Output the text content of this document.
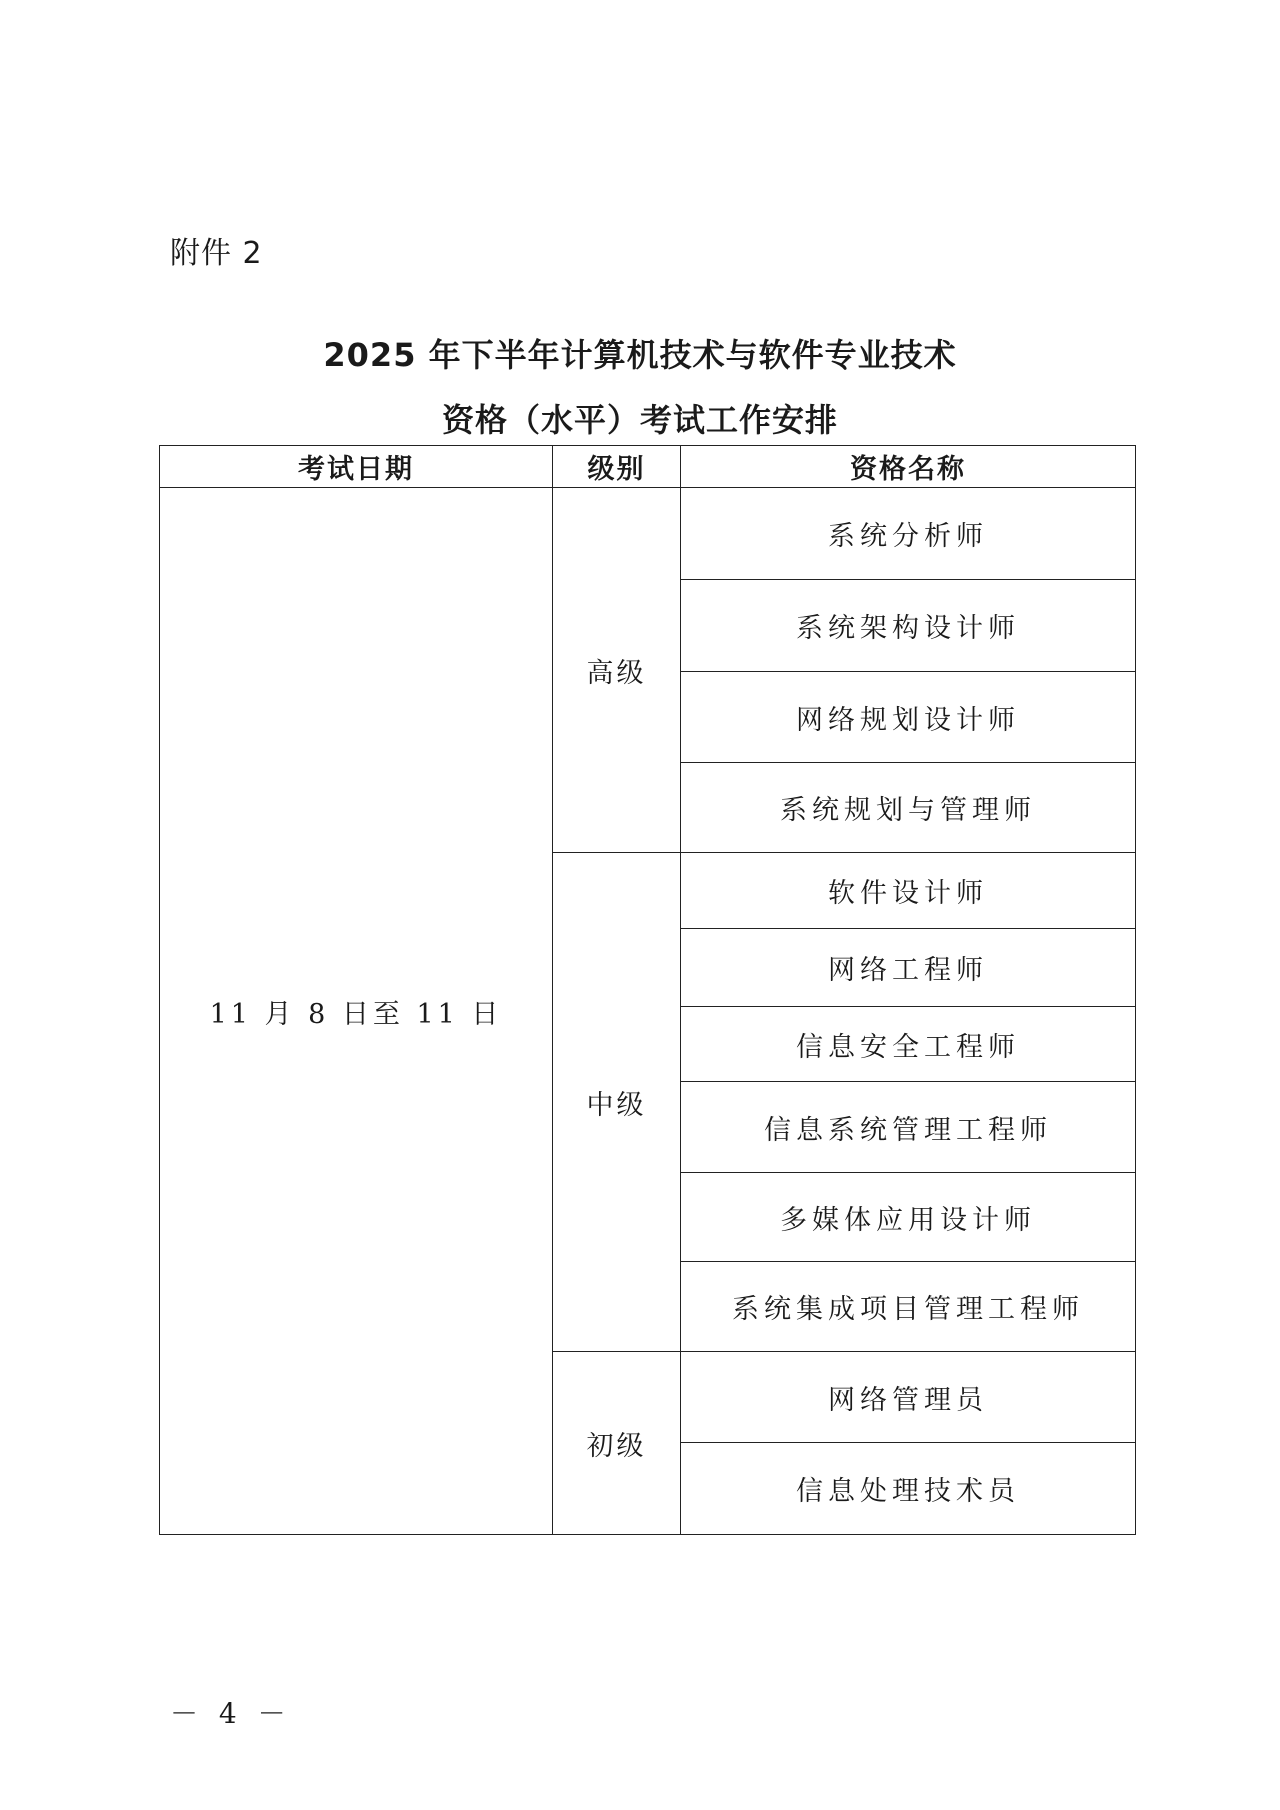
附件 2
2025 年下半年计算机技术与软件专业技术
资格（水平）考试工作安排
考试日期	级别	资格名称
11 月 8 日至 11 日	高级	系统分析师
		系统架构设计师
		网络规划设计师
		系统规划与管理师
	中级	软件设计师
		网络工程师
		信息安全工程师
		信息系统管理工程师
		多媒体应用设计师
		系统集成项目管理工程师
	初级	网络管理员
		信息处理技术员
－ 4 －
